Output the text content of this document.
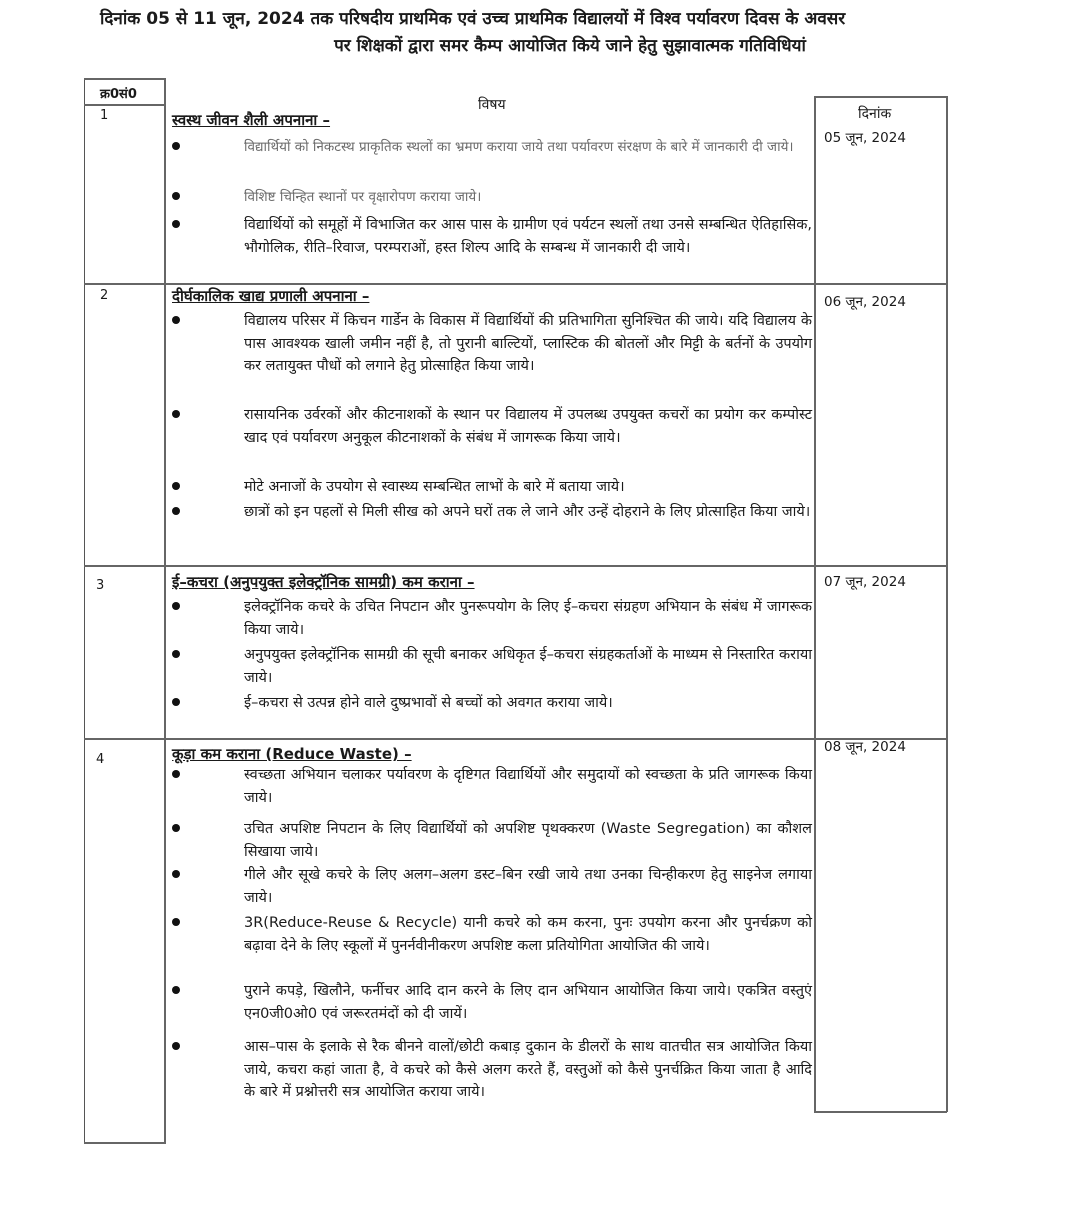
दिनांक 05 से 11 जून, 2024 तक परिषदीय प्राथमिक एवं उच्च प्राथमिक विद्यालयों में विश्व पर्यावरण दिवस के अवसर
पर शिक्षकों द्वारा समर कैम्प आयोजित किये जाने हेतु सुझावात्मक गतिविधियां
क्र0सं0
विषय
दिनांक
1
05 जून, 2024
स्वस्थ जीवन शैली अपनाना –
विद्यार्थियों को निकटस्थ प्राकृतिक स्थलों का भ्रमण कराया जाये तथा पर्यावरण संरक्षण के बारे में जानकारी दी जाये।
विशिष्ट चिन्हित स्थानों पर वृक्षारोपण कराया जाये।
विद्यार्थियों को समूहों में विभाजित कर आस पास के ग्रामीण एवं पर्यटन स्थलों तथा उनसे सम्बन्धित ऐतिहासिक, भौगोलिक, रीति–रिवाज, परम्पराओं, हस्त शिल्प आदि के सम्बन्ध में जानकारी दी जाये।
2	06 जून, 2024
दीर्घकालिक खाद्य प्रणाली अपनाना –
विद्यालय परिसर में किचन गार्डेन के विकास में विद्यार्थियों की प्रतिभागिता सुनिश्चित की जाये। यदि विद्यालय के पास आवश्यक खाली जमीन नहीं है, तो पुरानी बाल्टियों, प्लास्टिक की बोतलों और मिट्टी के बर्तनों के उपयोग कर लतायुक्त पौधों को लगाने हेतु प्रोत्साहित किया जाये।
रासायनिक उर्वरकों और कीटनाशकों के स्थान पर विद्यालय में उपलब्ध उपयुक्त कचरों का प्रयोग कर कम्पोस्ट खाद एवं पर्यावरण अनुकूल कीटनाशकों के संबंध में जागरूक किया जाये।
मोटे अनाजों के उपयोग से स्वास्थ्य सम्बन्धित लाभों के बारे में बताया जाये।
छात्रों को इन पहलों से मिली सीख को अपने घरों तक ले जाने और उन्हें दोहराने के लिए प्रोत्साहित किया जाये।
3	07 जून, 2024
ई–कचरा (अनुपयुक्त इलेक्ट्रॉनिक सामग्री) कम कराना –
इलेक्ट्रॉनिक कचरे के उचित निपटान और पुनरूपयोग के लिए ई–कचरा संग्रहण अभियान के संबंध में जागरूक किया जाये।
अनुपयुक्त इलेक्ट्रॉनिक सामग्री की सूची बनाकर अधिकृत ई–कचरा संग्रहकर्ताओं के माध्यम से निस्तारित कराया जाये।
ई–कचरा से उत्पन्न होने वाले दुष्प्रभावों से बच्चों को अवगत कराया जाये।
4
08 जून, 2024
कूड़ा कम कराना (Reduce Waste) –
स्वच्छता अभियान चलाकर पर्यावरण के दृष्टिगत विद्यार्थियों और समुदायों को स्वच्छता के प्रति जागरूक किया जाये।
उचित अपशिष्ट निपटान के लिए विद्यार्थियों को अपशिष्ट पृथक्करण (Waste Segregation) का कौशल सिखाया जाये।
गीले और सूखे कचरे के लिए अलग–अलग डस्ट–बिन रखी जाये तथा उनका चिन्हीकरण हेतु साइनेज लगाया जाये।
3R(Reduce-Reuse & Recycle) यानी कचरे को कम करना, पुनः उपयोग करना और पुनर्चक्रण को बढ़ावा देने के लिए स्कूलों में पुनर्नवीनीकरण अपशिष्ट कला प्रतियोगिता आयोजित की जाये।
पुराने कपड़े, खिलौने, फर्नीचर आदि दान करने के लिए दान अभियान आयोजित किया जाये। एकत्रित वस्तुएं एन0जी0ओ0 एवं जरूरतमंदों को दी जायें।
आस–पास के इलाके से रैक बीनने वालों/छोटी कबाड़ दुकान के डीलरों के साथ वातचीत सत्र आयोजित किया जाये, कचरा कहां जाता है, वे कचरे को कैसे अलग करते हैं, वस्तुओं को कैसे पुनर्चक्रित किया जाता है आदि के बारे में प्रश्नोत्तरी सत्र आयोजित कराया जाये।
